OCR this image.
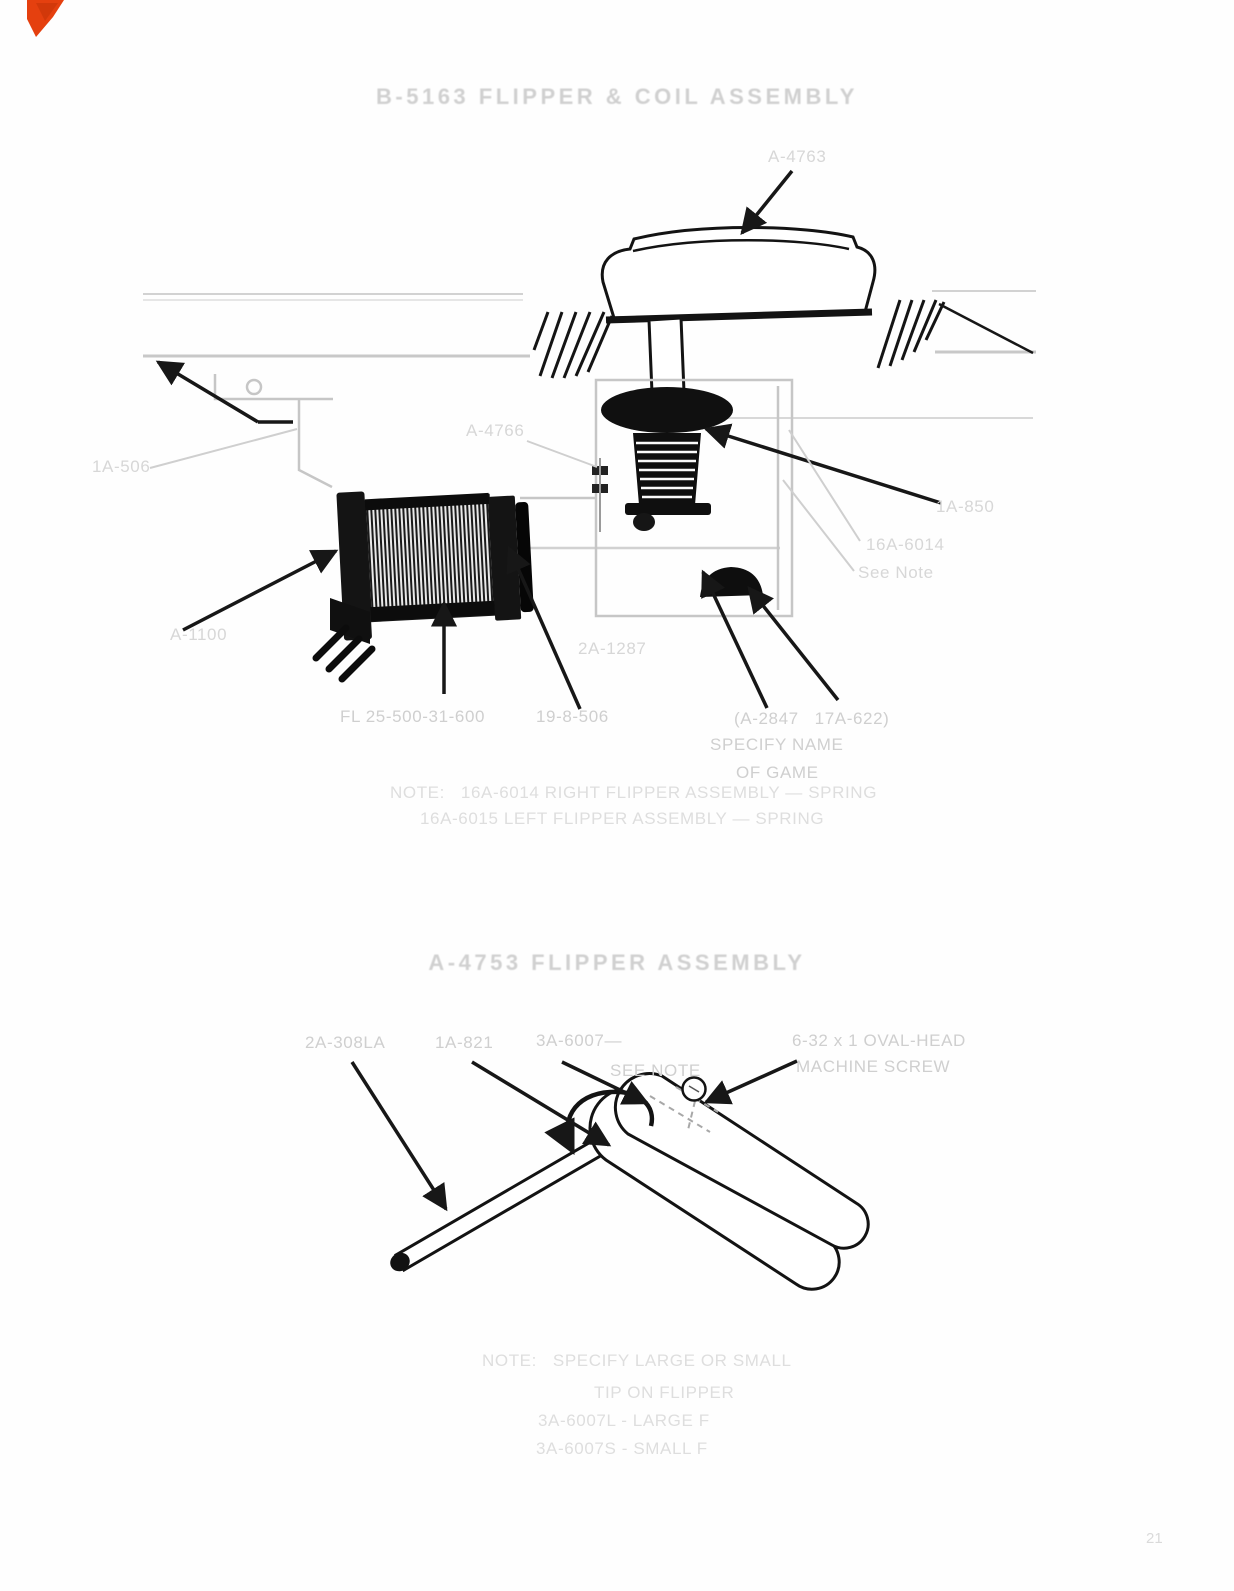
B-5163 FLIPPER & COIL ASSEMBLY
A-4763
1A-506
A-4766
1A-850
16A-6014
See Note
A-1100
2A-1287
FL 25-500-31-600	19-8-506	(A-2847   17A-622)
SPECIFY NAME
OF GAME
NOTE:   16A-6014 RIGHT FLIPPER ASSEMBLY — SPRING
16A-6015 LEFT FLIPPER ASSEMBLY — SPRING
A-4753 FLIPPER ASSEMBLY
2A-308LA	1A-821	3A-6007—
SEE NOTE
6-32 x 1 OVAL-HEAD
MACHINE SCREW
NOTE:   SPECIFY LARGE OR SMALL
TIP ON FLIPPER
3A-6007L - LARGE F
3A-6007S - SMALL F
21
